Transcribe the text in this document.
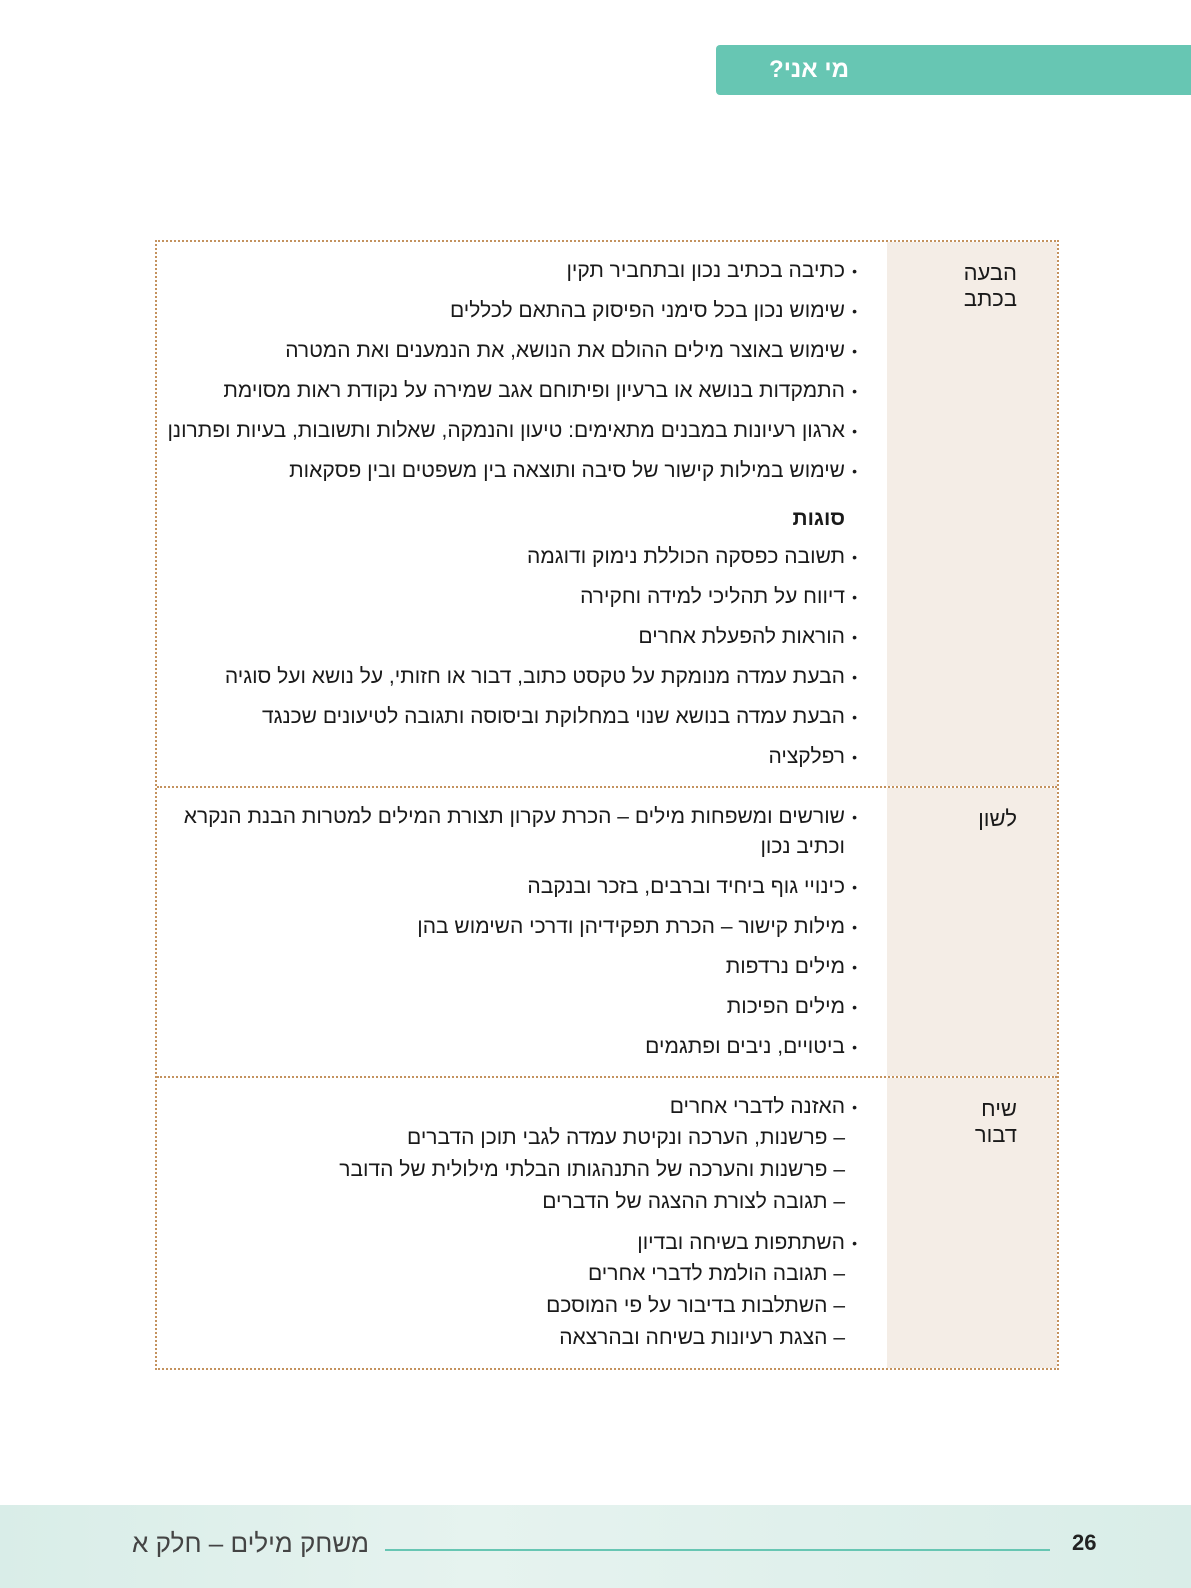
מי אני?
הבעה
בכתב
• כתיבה בכתיב נכון ובתחביר תקין
• שימוש נכון בכל סימני הפיסוק בהתאם לכללים
• שימוש באוצר מילים ההולם את הנושא, את הנמענים ואת המטרה
• התמקדות בנושא או ברעיון ופיתוחם אגב שמירה על נקודת ראות מסוימת
• ארגון רעיונות במבנים מתאימים: טיעון והנמקה, שאלות ותשובות, בעיות ופתרונן
• שימוש במילות קישור של סיבה ותוצאה בין משפטים ובין פסקאות
סוגות
• תשובה כפסקה הכוללת נימוק ודוגמה
• דיווח על תהליכי למידה וחקירה
• הוראות להפעלת אחרים
• הבעת עמדה מנומקת על טקסט כתוב, דבור או חזותי, על נושא ועל סוגיה
• הבעת עמדה בנושא שנוי במחלוקת וביסוסה ותגובה לטיעונים שכנגד
• רפלקציה
לשון
• שורשים ומשפחות מילים – הכרת עקרון תצורת המילים למטרות הבנת הנקרא וכתיב נכון
• כינויי גוף ביחיד וברבים, בזכר ובנקבה
• מילות קישור – הכרת תפקידיהן ודרכי השימוש בהן
• מילים נרדפות
• מילים הפיכות
• ביטויים, ניבים ופתגמים
שיח
דבור
• האזנה לדברי אחרים
– פרשנות, הערכה ונקיטת עמדה לגבי תוכן הדברים
– פרשנות והערכה של התנהגותו הבלתי מילולית של הדובר
– תגובה לצורת ההצגה של הדברים
• השתתפות בשיחה ובדיון
– תגובה הולמת לדברי אחרים
– השתלבות בדיבור על פי המוסכם
– הצגת רעיונות בשיחה ובהרצאה
26
משחק מילים – חלק א
